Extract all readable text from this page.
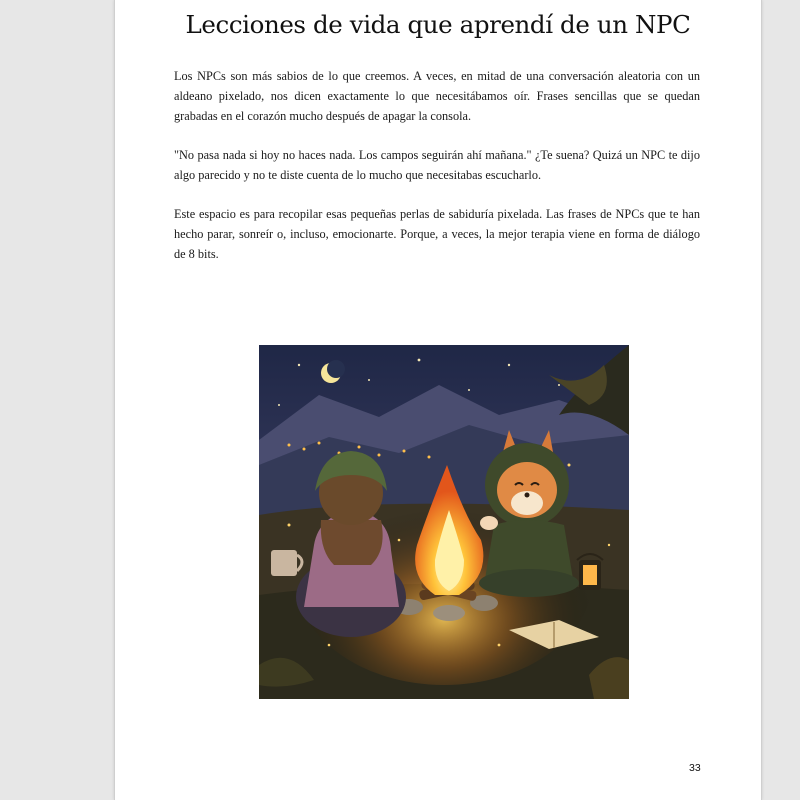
Lecciones de vida que aprendí de un NPC

Los NPCs son más sabios de lo que creemos. A veces, en mitad de una conversación aleatoria con un aldeano pixelado, nos dicen exactamente lo que necesitábamos oír. Frases sencillas que se quedan grabadas en el corazón mucho después de apagar la consola.

"No pasa nada si hoy no haces nada. Los campos seguirán ahí mañana." ¿Te suena? Quizá un NPC te dijo algo parecido y no te diste cuenta de lo mucho que necesitabas escucharlo.

Este espacio es para recopilar esas pequeñas perlas de sabiduría pixelada. Las frases de NPCs que te han hecho parar, sonreír o, incluso, emocionarte. Porque, a veces, la mejor terapia viene en forma de diálogo de 8 bits.

33
